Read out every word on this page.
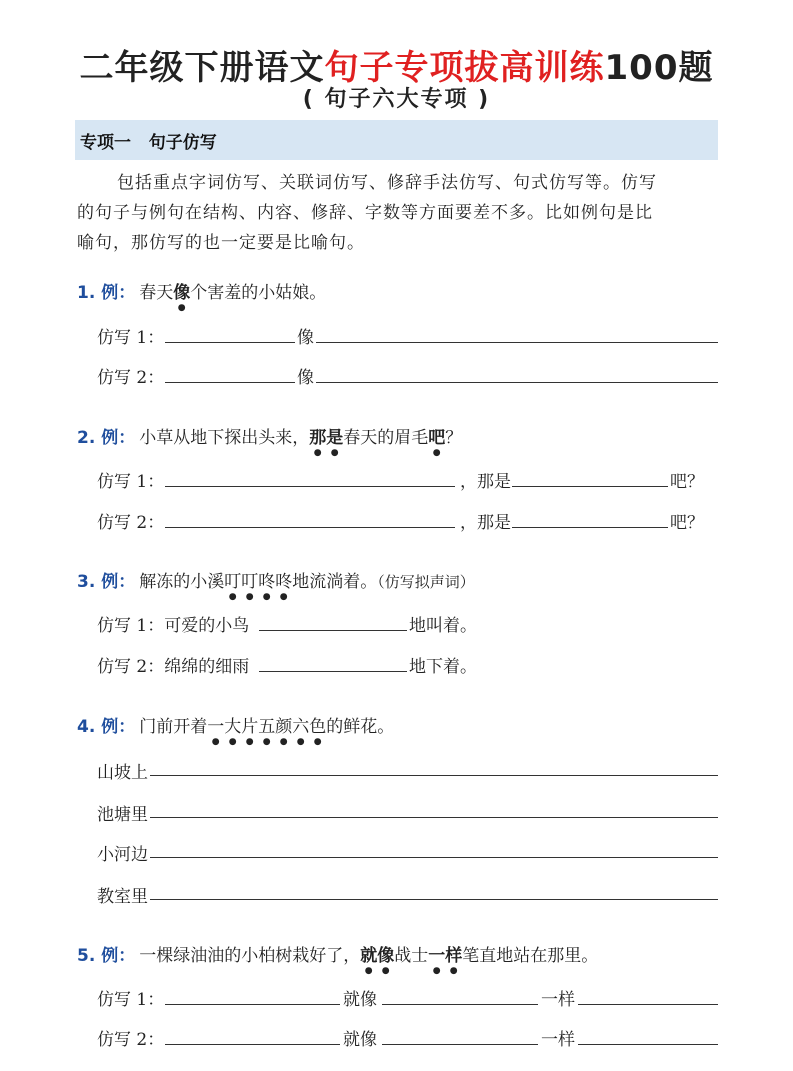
二年级下册语文句子专项拔高训练100题
( 句子六大专项 )
专项一 句子仿写

包括重点字词仿写、关联词仿写、修辞手法仿写、句式仿写等。仿写

的句子与例句在结构、内容、修辞、字数等方面要差不多。比如例句是比

喻句，那仿写的也一定要是比喻句。

1. 例： 春天像个害羞的小姑娘。
仿写 1：	像
仿写 2：	像
2. 例： 小草从地下探出头来，那是春天的眉毛吧？
仿写 1：	，那是	吧？
仿写 2：	，那是	吧？
3. 例： 解冻的小溪叮叮咚咚地流淌着。（仿写拟声词）
仿写 1：可爱的小鸟	地叫着。
仿写 2：绵绵的细雨	地下着。
4. 例： 门前开着一大片五颜六色的鲜花。
山坡上
池塘里
小河边
教室里
5. 例： 一棵绿油油的小柏树栽好了，就像战士一样笔直地站在那里。
仿写 1：	就像	一样
仿写 2：	就像	一样
